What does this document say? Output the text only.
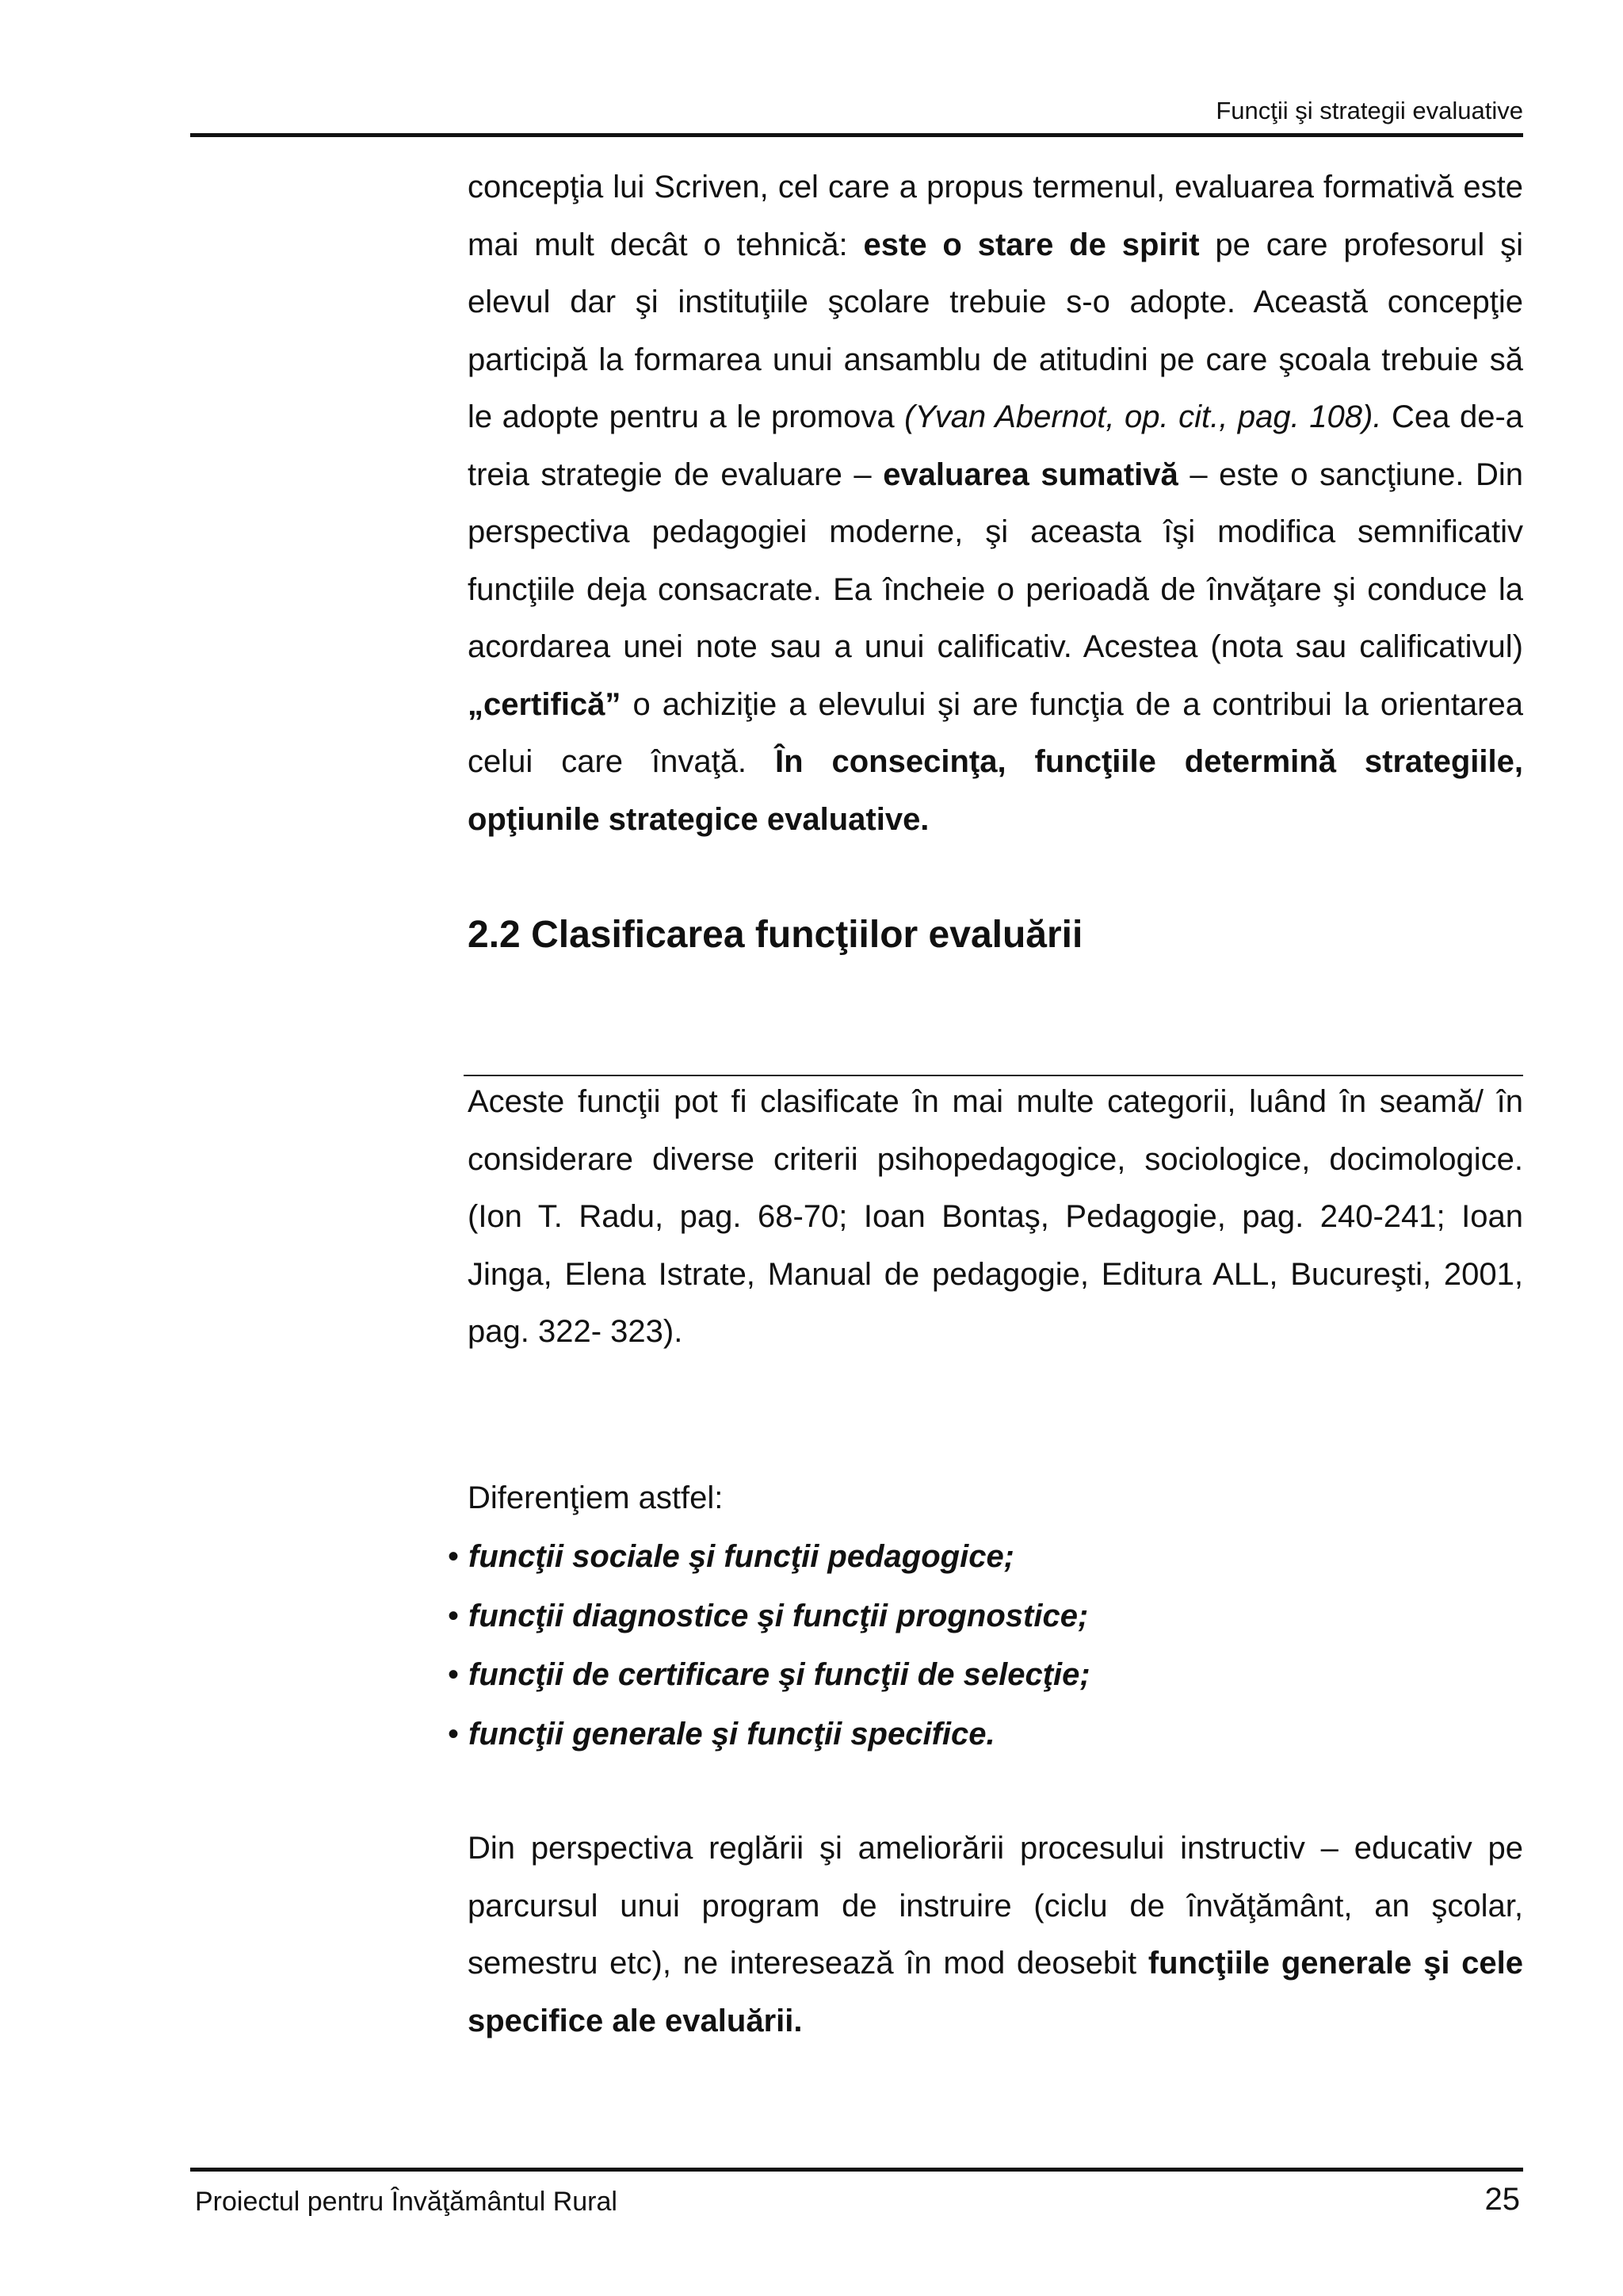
Funcţii şi strategii evaluative
concepţia lui Scriven, cel care a propus termenul, evaluarea formativă este mai mult decât o tehnică: este o stare de spirit pe care profesorul şi elevul dar şi instituţiile şcolare trebuie s-o adopte. Această concepţie participă la formarea unui ansamblu de atitudini pe care şcoala trebuie să le adopte pentru a le promova (Yvan Abernot, op. cit., pag. 108). Cea de-a treia strategie de evaluare – evaluarea sumativă – este o sancţiune. Din perspectiva pedagogiei moderne, şi aceasta îşi modifica semnificativ funcţiile deja consacrate. Ea încheie o perioadă de învăţare şi conduce la acordarea unei note sau a unui calificativ. Acestea (nota sau calificativul) „certifică” o achiziţie a elevului şi are funcţia de a contribui la orientarea celui care învaţă. În consecinţa, funcţiile determină strategiile, opţiunile strategice evaluative.
2.2 Clasificarea funcţiilor evaluării
Aceste funcţii pot fi clasificate în mai multe categorii, luând în seamă/ în considerare diverse criterii psihopedagogice, sociologice, docimologice. (Ion T. Radu, pag. 68-70; Ioan Bontaş, Pedagogie, pag. 240-241; Ioan Jinga, Elena Istrate, Manual de pedagogie, Editura ALL, Bucureşti, 2001, pag. 322- 323).
Diferenţiem astfel:
• funcţii sociale şi funcţii pedagogice;
• funcţii diagnostice şi funcţii prognostice;
• funcţii de certificare şi funcţii de selecţie;
• funcţii generale şi funcţii specifice.
Din perspectiva reglării şi ameliorării procesului instructiv – educativ pe parcursul unui program de instruire (ciclu de învăţământ, an şcolar, semestru etc), ne interesează în mod deosebit funcţiile generale şi cele specifice ale evaluării.
Proiectul pentru Învăţământul Rural	25
